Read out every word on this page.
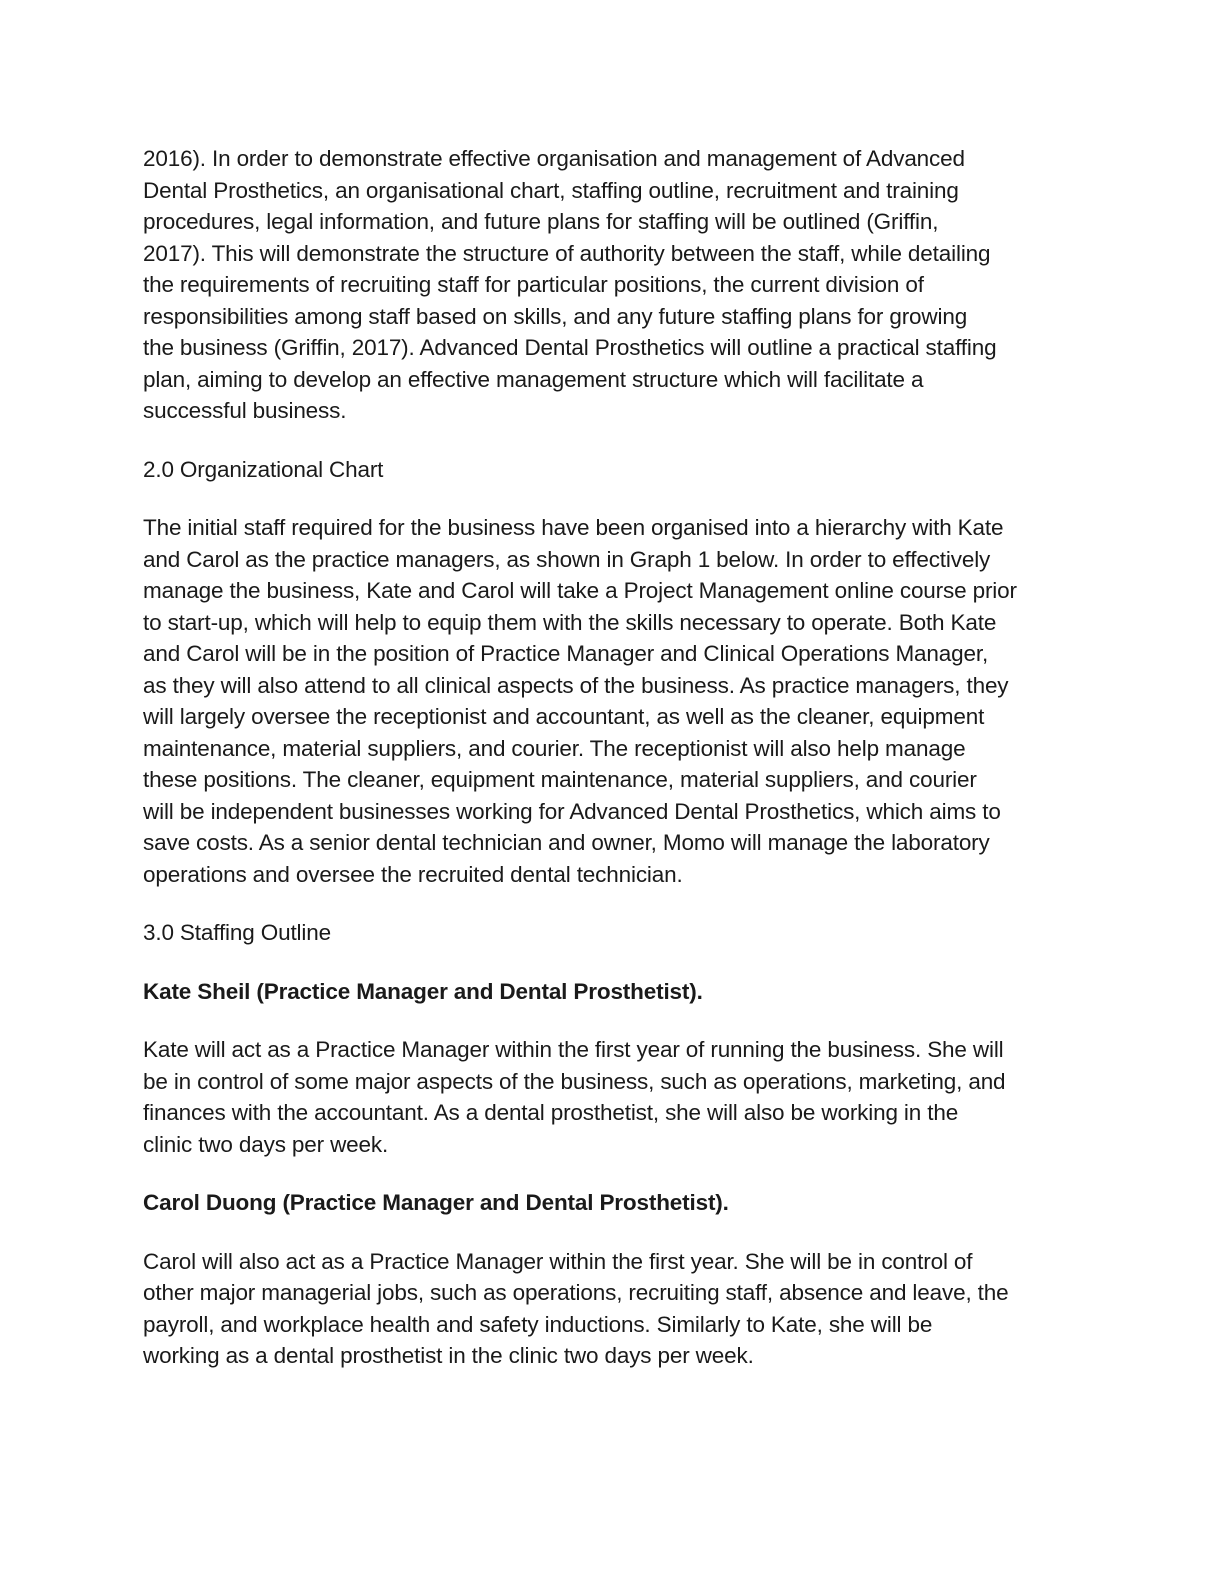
2016). In order to demonstrate effective organisation and management of Advanced
Dental Prosthetics, an organisational chart, staffing outline, recruitment and training
procedures, legal information, and future plans for staffing will be outlined (Griffin,
2017). This will demonstrate the structure of authority between the staff, while detailing
the requirements of recruiting staff for particular positions, the current division of
responsibilities among staff based on skills, and any future staffing plans for growing
the business (Griffin, 2017). Advanced Dental Prosthetics will outline a practical staffing
plan, aiming to develop an effective management structure which will facilitate a
successful business.
2.0 Organizational Chart
The initial staff required for the business have been organised into a hierarchy with Kate
and Carol as the practice managers, as shown in Graph 1 below. In order to effectively
manage the business, Kate and Carol will take a Project Management online course prior
to start-up, which will help to equip them with the skills necessary to operate. Both Kate
and Carol will be in the position of Practice Manager and Clinical Operations Manager,
as they will also attend to all clinical aspects of the business. As practice managers, they
will largely oversee the receptionist and accountant, as well as the cleaner, equipment
maintenance, material suppliers, and courier. The receptionist will also help manage
these positions. The cleaner, equipment maintenance, material suppliers, and courier
will be independent businesses working for Advanced Dental Prosthetics, which aims to
save costs. As a senior dental technician and owner, Momo will manage the laboratory
operations and oversee the recruited dental technician.
3.0 Staffing Outline
Kate Sheil (Practice Manager and Dental Prosthetist).
Kate will act as a Practice Manager within the first year of running the business. She will
be in control of some major aspects of the business, such as operations, marketing, and
finances with the accountant. As a dental prosthetist, she will also be working in the
clinic two days per week.
Carol Duong (Practice Manager and Dental Prosthetist).
Carol will also act as a Practice Manager within the first year. She will be in control of
other major managerial jobs, such as operations, recruiting staff, absence and leave, the
payroll, and workplace health and safety inductions. Similarly to Kate, she will be
working as a dental prosthetist in the clinic two days per week.
